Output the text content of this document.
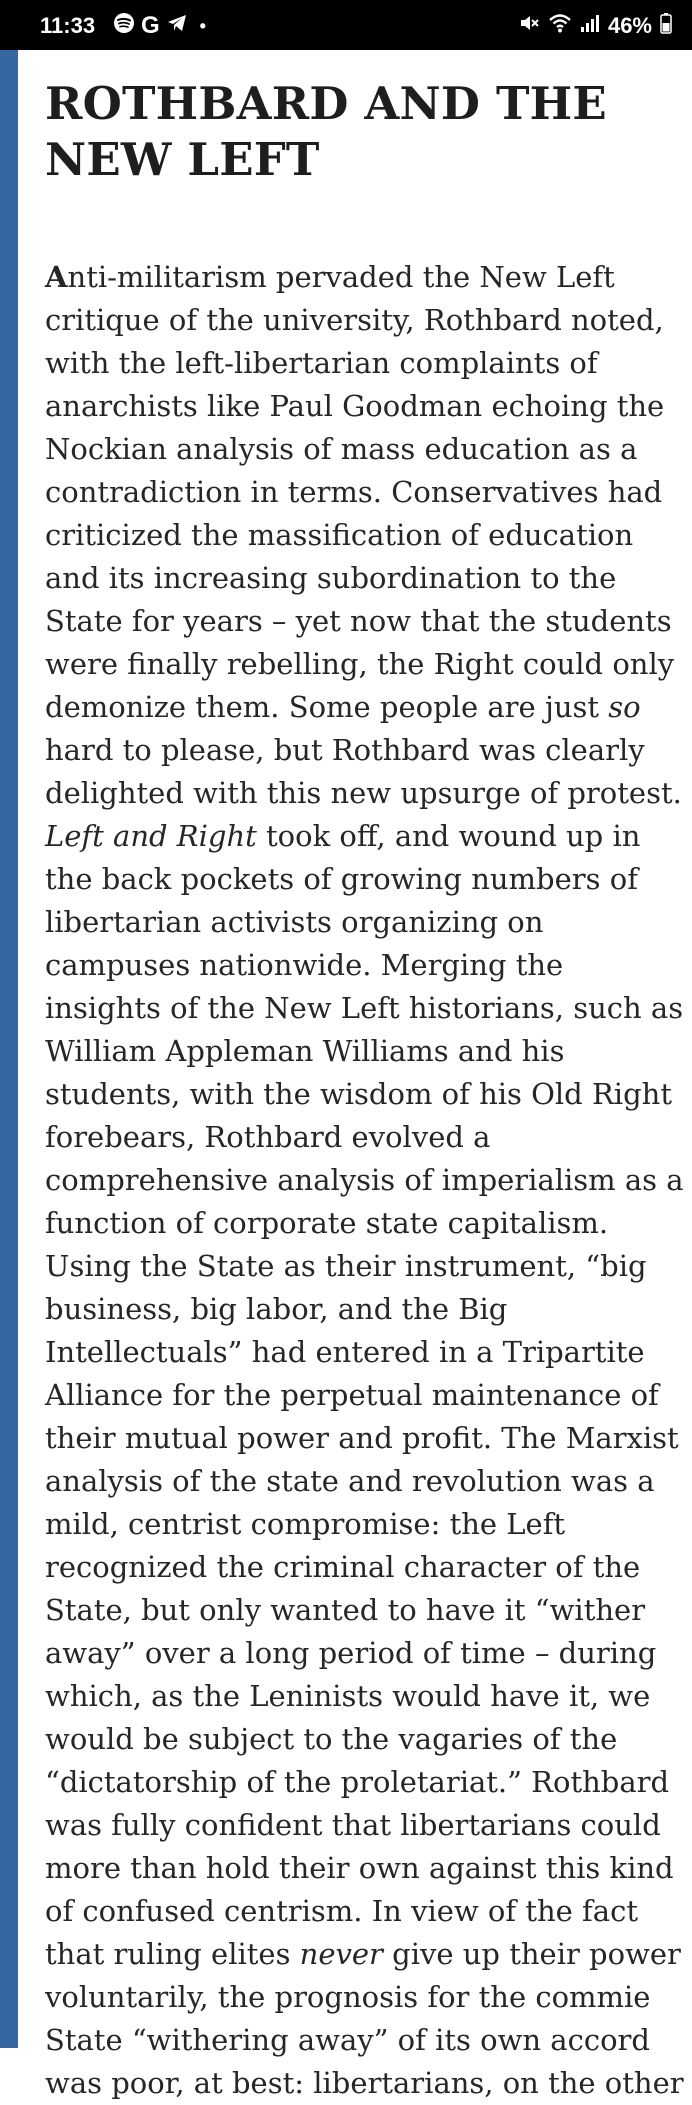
11:33 G •	46%
ROTHBARD AND THE NEW LEFT

Anti-militarism pervaded the New Left critique of the university, Rothbard noted, with the left-libertarian complaints of anarchists like Paul Goodman echoing the Nockian analysis of mass education as a contradiction in terms. Conservatives had criticized the massification of education and its increasing subordination to the State for years – yet now that the students were finally rebelling, the Right could only demonize them. Some people are just so hard to please, but Rothbard was clearly delighted with this new upsurge of protest. Left and Right took off, and wound up in the back pockets of growing numbers of libertarian activists organizing on campuses nationwide. Merging the insights of the New Left historians, such as William Appleman Williams and his students, with the wisdom of his Old Right forebears, Rothbard evolved a comprehensive analysis of imperialism as a function of corporate state capitalism. Using the State as their instrument, “big business, big labor, and the Big Intellectuals” had entered in a Tripartite Alliance for the perpetual maintenance of their mutual power and profit. The Marxist analysis of the state and revolution was a mild, centrist compromise: the Left recognized the criminal character of the State, but only wanted to have it “wither away” over a long period of time – during which, as the Leninists would have it, we would be subject to the vagaries of the “dictatorship of the proletariat.” Rothbard was fully confident that libertarians could more than hold their own against this kind of confused centrism. In view of the fact that ruling elites never give up their power voluntarily, the prognosis for the commie State “withering away” of its own accord was poor, at best: libertarians, on the other
